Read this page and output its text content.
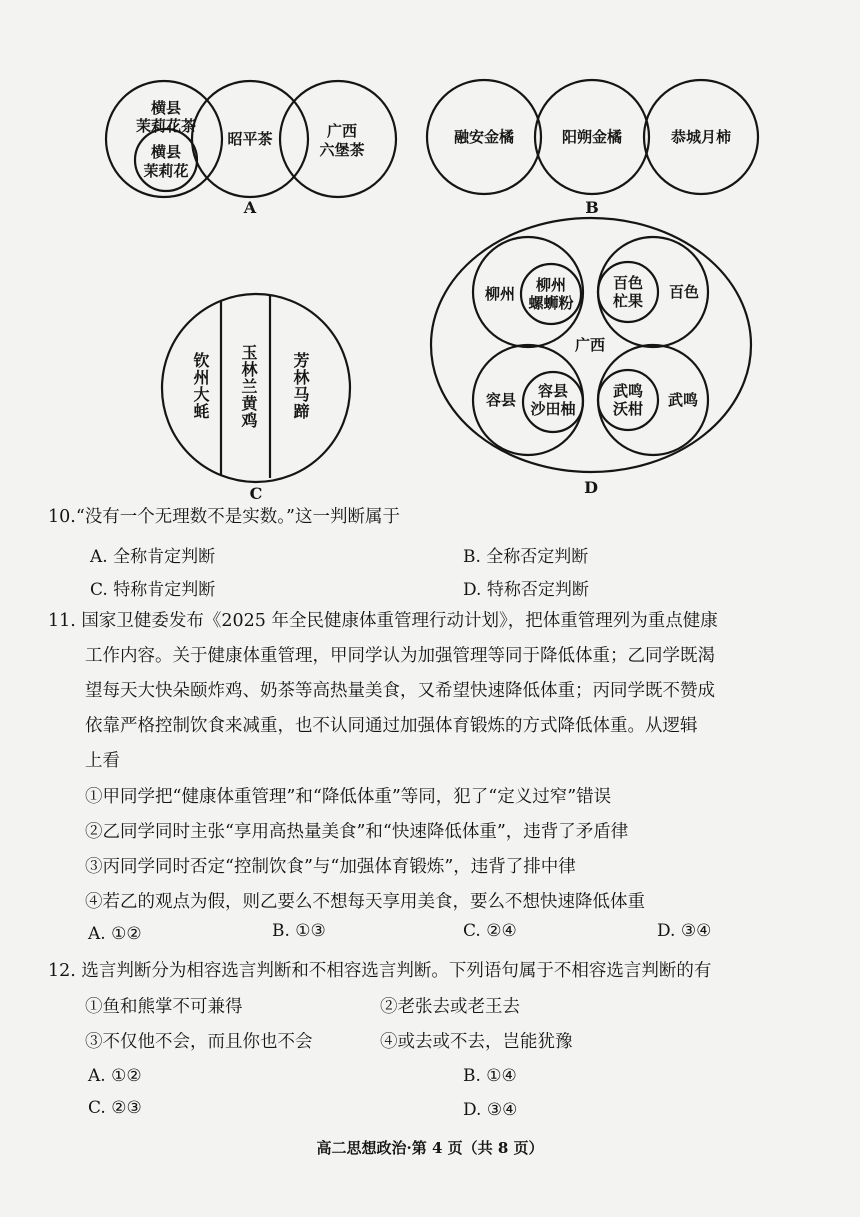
横县茉莉花茶
横县茉莉花
昭平茶	广西六堡茶
A
融安金橘	阳朔金橘	恭城月柿
B
C
广西
柳州	柳州螺蛳粉
百色杧果 百色
容县	容县沙田柚
武鸣沃柑 武鸣
D
钦州大蚝 玉林兰黄鸡 芳林马蹄
10.“没有一个无理数不是实数。”这一判断属于
A. 全称肯定判断	B. 全称否定判断
C. 特称肯定判断	D. 特称否定判断
11. 国家卫健委发布《2025 年全民健康体重管理行动计划》，把体重管理列为重点健康
工作内容。关于健康体重管理，甲同学认为加强管理等同于降低体重；乙同学既渴
望每天大快朵颐炸鸡、奶茶等高热量美食，又希望快速降低体重；丙同学既不赞成
依靠严格控制饮食来减重，也不认同通过加强体育锻炼的方式降低体重。从逻辑
上看
①甲同学把“健康体重管理”和“降低体重”等同，犯了“定义过窄”错误
②乙同学同时主张“享用高热量美食”和“快速降低体重”，违背了矛盾律
③丙同学同时否定“控制饮食”与“加强体育锻炼”，违背了排中律
④若乙的观点为假，则乙要么不想每天享用美食，要么不想快速降低体重
A. ①②	B. ①③	C. ②④	D. ③④
12. 选言判断分为相容选言判断和不相容选言判断。下列语句属于不相容选言判断的有
①鱼和熊掌不可兼得	②老张去或老王去
③不仅他不会，而且你也不会	④或去或不去，岂能犹豫
A. ①②	B. ①④
C. ②③	D. ③④
高二思想政治·第 4 页（共 8 页）
